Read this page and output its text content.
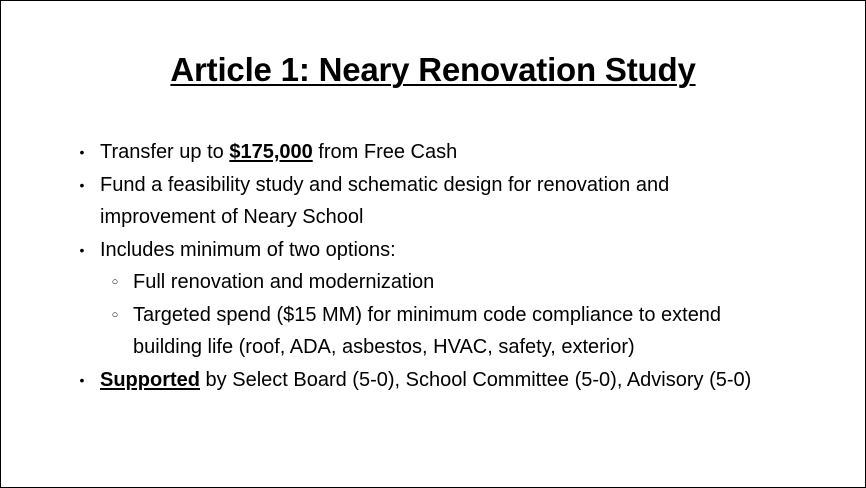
Article 1: Neary Renovation Study
• Transfer up to $175,000 from Free Cash
• Fund a feasibility study and schematic design for renovation and
improvement of Neary School
• Includes minimum of two options:
○ Full renovation and modernization
○ Targeted spend ($15 MM) for minimum code compliance to extend
building life (roof, ADA, asbestos, HVAC, safety, exterior)
• Supported by Select Board (5-0), School Committee (5-0), Advisory (5-0)
